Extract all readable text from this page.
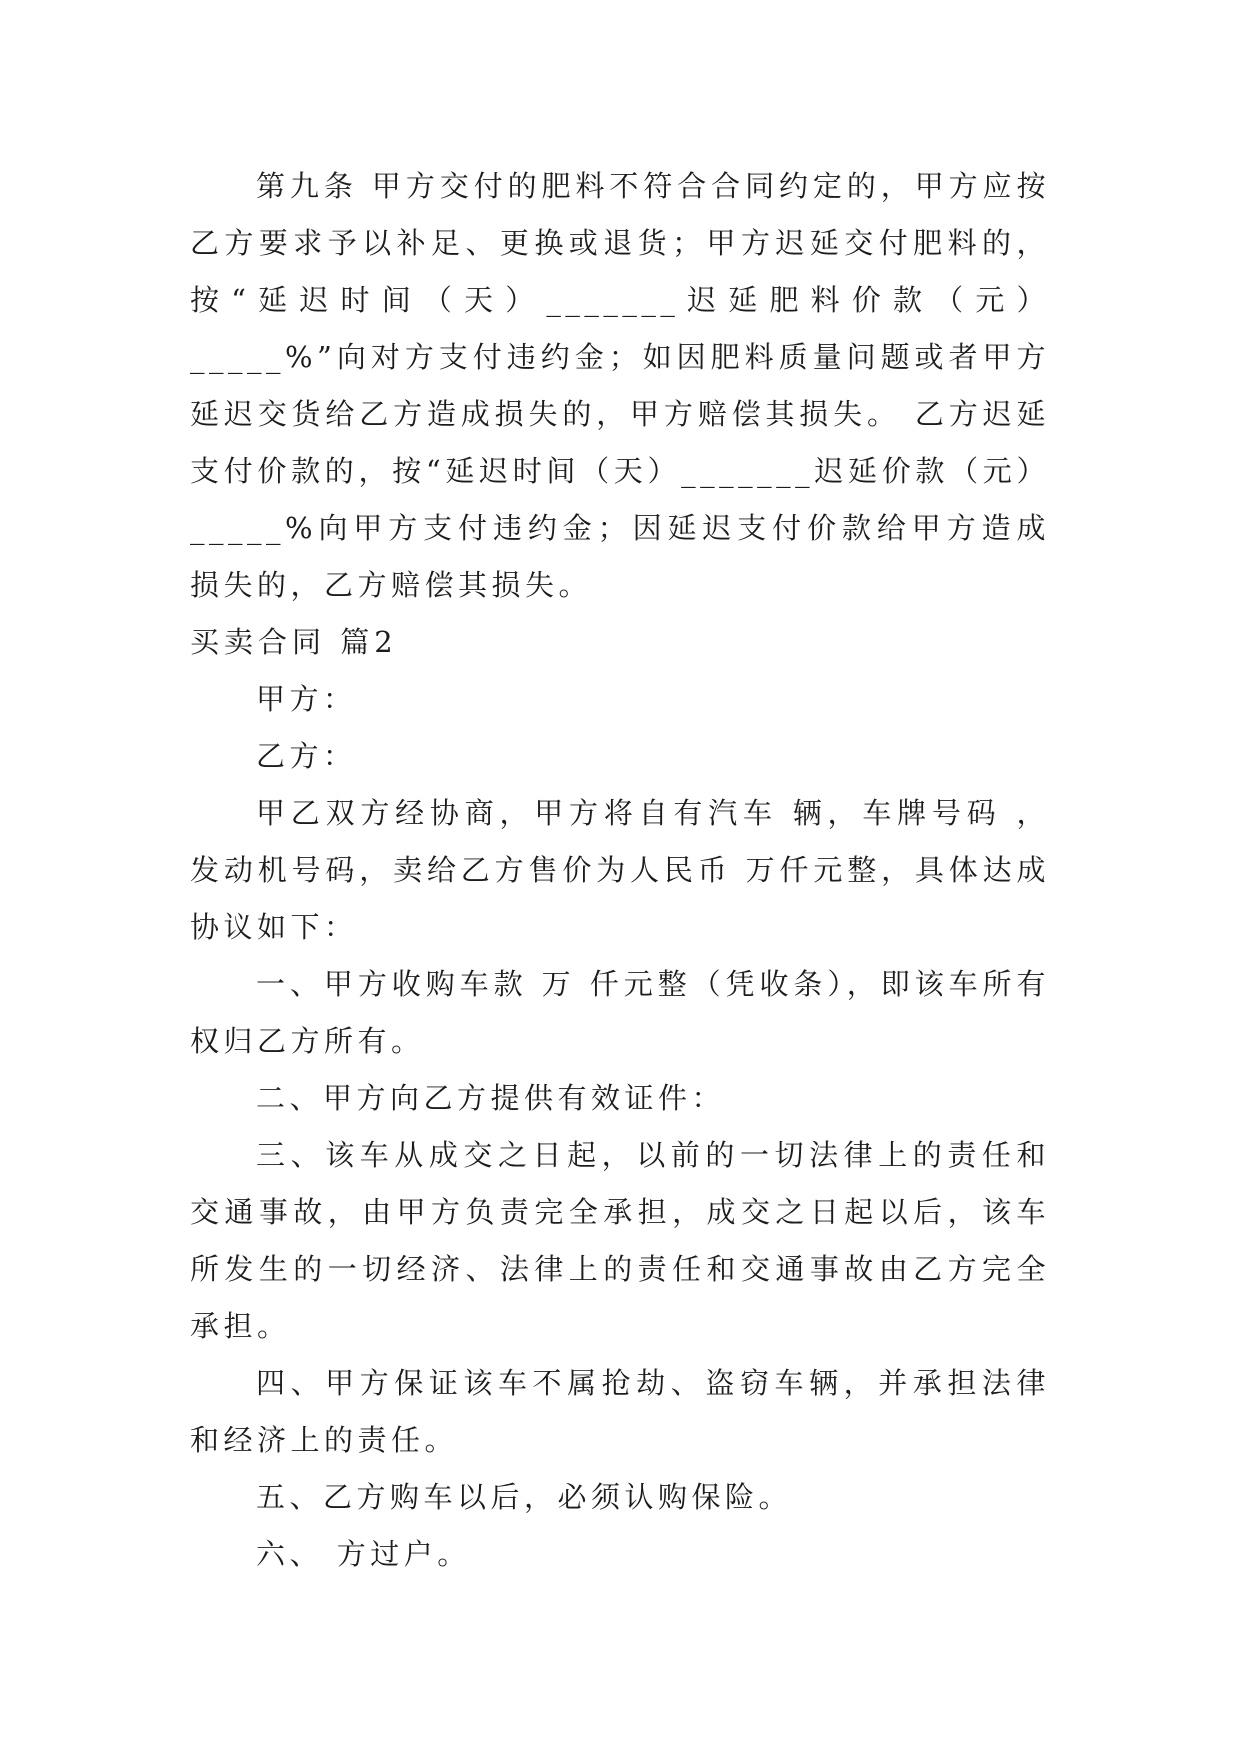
第九条 甲方交付的肥料不符合合同约定的，甲方应按乙方要求予以补足、更换或退货；甲方迟延交付肥料的，按“延迟时间（天）_______迟延肥料价款（元）_____%”向对方支付违约金；如因肥料质量问题或者甲方延迟交货给乙方造成损失的，甲方赔偿其损失。 乙方迟延支付价款的，按“延迟时间（天）_______迟延价款（元）_____%向甲方支付违约金；因延迟支付价款给甲方造成损失的，乙方赔偿其损失。

买卖合同 篇2

甲方：

乙方：

甲乙双方经协商，甲方将自有汽车 辆，车牌号码 ，发动机号码，卖给乙方售价为人民币 万仟元整，具体达成协议如下：

一、甲方收购车款 万 仟元整（凭收条），即该车所有权归乙方所有。

二、甲方向乙方提供有效证件：

三、该车从成交之日起，以前的一切法律上的责任和交通事故，由甲方负责完全承担，成交之日起以后，该车所发生的一切经济、法律上的责任和交通事故由乙方完全承担。

四、甲方保证该车不属抢劫、盗窃车辆，并承担法律和经济上的责任。

五、乙方购车以后，必须认购保险。

六、 方过户。
